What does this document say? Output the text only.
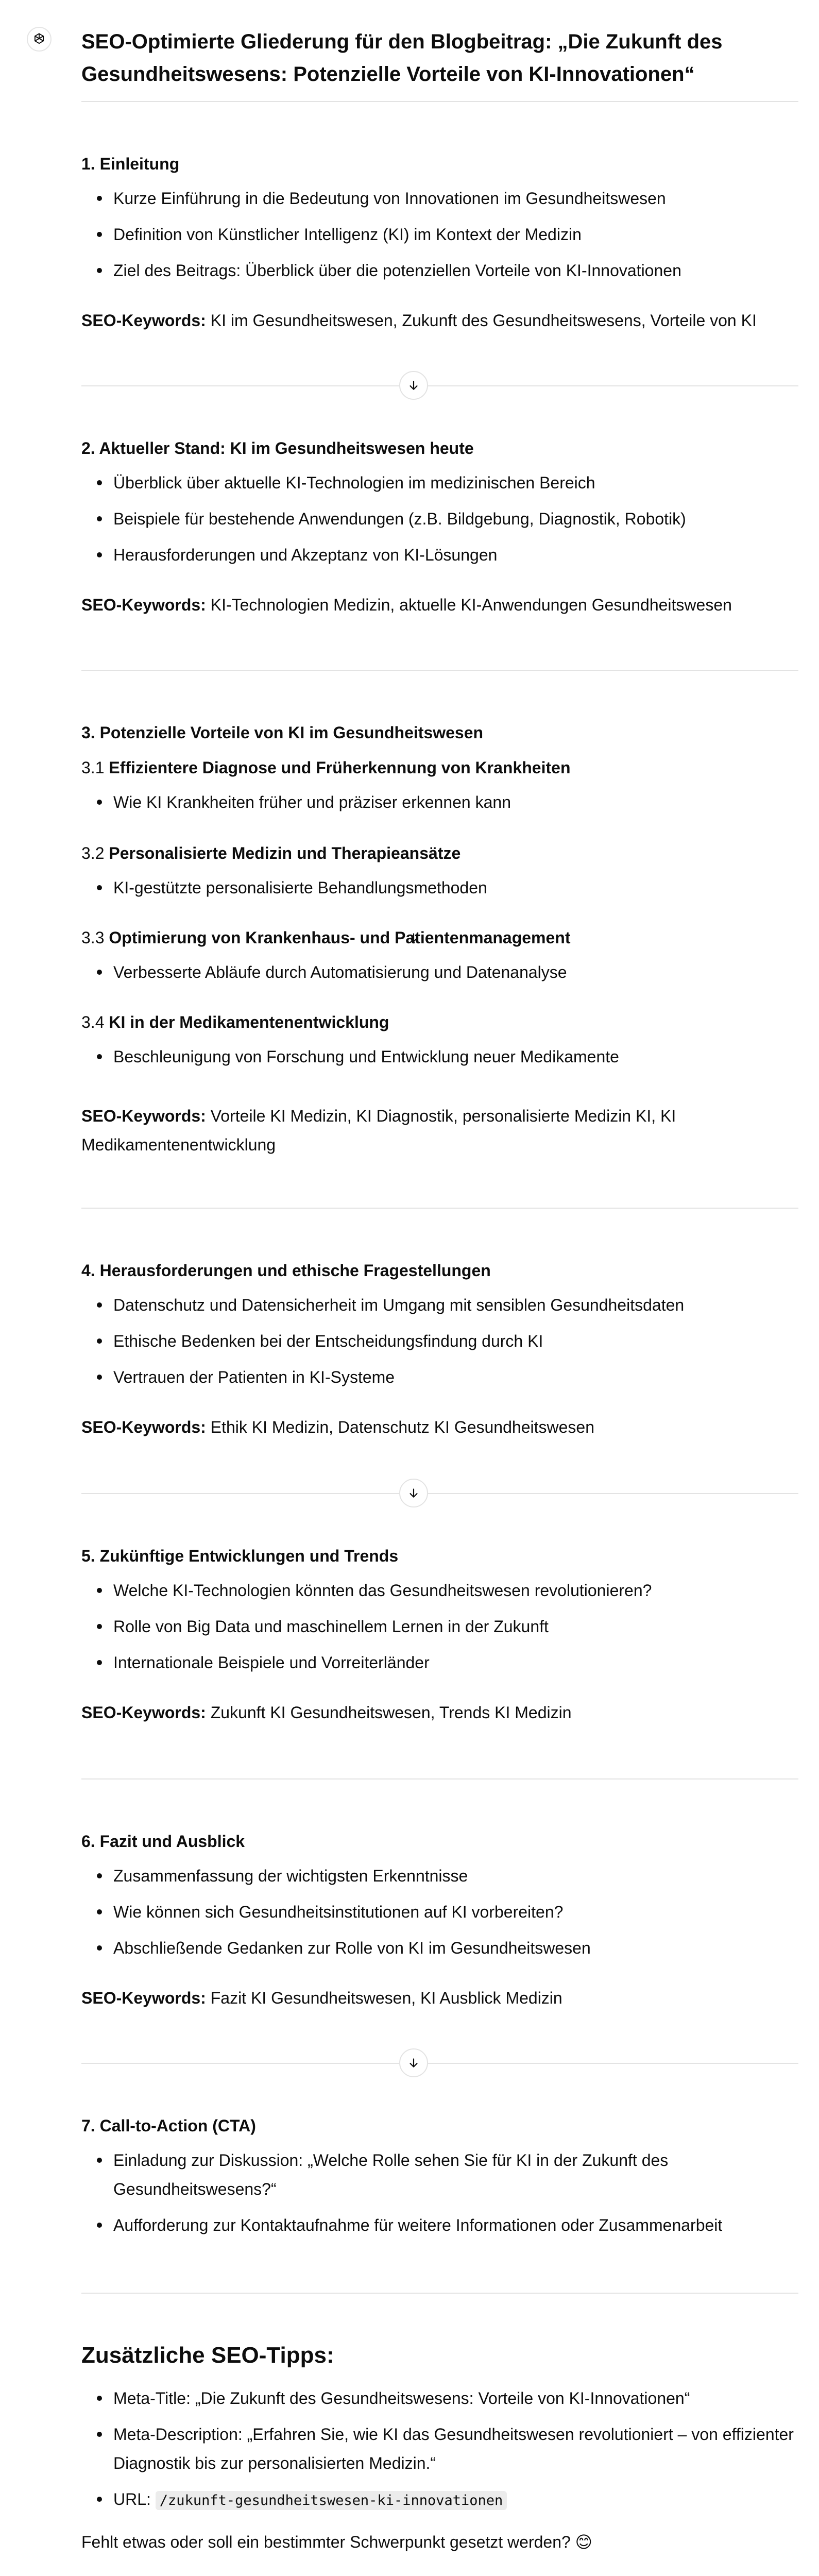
SEO-Optimierte Gliederung für den Blogbeitrag: „Die Zukunft des Gesundheitswesens: Potenzielle Vorteile von KI-Innovationen“
1. Einleitung
Kurze Einführung in die Bedeutung von Innovationen im Gesundheitswesen
Definition von Künstlicher Intelligenz (KI) im Kontext der Medizin
Ziel des Beitrags: Überblick über die potenziellen Vorteile von KI-Innovationen

SEO-Keywords: KI im Gesundheitswesen, Zukunft des Gesundheitswesens, Vorteile von KI

2. Aktueller Stand: KI im Gesundheitswesen heute
Überblick über aktuelle KI-Technologien im medizinischen Bereich
Beispiele für bestehende Anwendungen (z.B. Bildgebung, Diagnostik, Robotik)
Herausforderungen und Akzeptanz von KI-Lösungen

SEO-Keywords: KI-Technologien Medizin, aktuelle KI-Anwendungen Gesundheitswesen

3. Potenzielle Vorteile von KI im Gesundheitswesen
3.1 Effizientere Diagnose und Früherkennung von Krankheiten
Wie KI Krankheiten früher und präziser erkennen kann
3.2 Personalisierte Medizin und Therapieansätze
KI-gestützte personalisierte Behandlungsmethoden
3.3 Optimierung von Krankenhaus- und Patientenmanagement
Verbesserte Abläufe durch Automatisierung und Datenanalyse
3.4 KI in der Medikamentenentwicklung
Beschleunigung von Forschung und Entwicklung neuer Medikamente

SEO-Keywords: Vorteile KI Medizin, KI Diagnostik, personalisierte Medizin KI, KI Medikamentenentwicklung

4. Herausforderungen und ethische Fragestellungen
Datenschutz und Datensicherheit im Umgang mit sensiblen Gesundheitsdaten
Ethische Bedenken bei der Entscheidungsfindung durch KI
Vertrauen der Patienten in KI-Systeme

SEO-Keywords: Ethik KI Medizin, Datenschutz KI Gesundheitswesen

5. Zukünftige Entwicklungen und Trends
Welche KI-Technologien könnten das Gesundheitswesen revolutionieren?
Rolle von Big Data und maschinellem Lernen in der Zukunft
Internationale Beispiele und Vorreiterländer

SEO-Keywords: Zukunft KI Gesundheitswesen, Trends KI Medizin

6. Fazit und Ausblick
Zusammenfassung der wichtigsten Erkenntnisse
Wie können sich Gesundheitsinstitutionen auf KI vorbereiten?
Abschließende Gedanken zur Rolle von KI im Gesundheitswesen

SEO-Keywords: Fazit KI Gesundheitswesen, KI Ausblick Medizin

7. Call-to-Action (CTA)
Einladung zur Diskussion: „Welche Rolle sehen Sie für KI in der Zukunft des Gesundheitswesens?“
Aufforderung zur Kontaktaufnahme für weitere Informationen oder Zusammenarbeit
Zusätzliche SEO-Tipps:
Meta-Title: „Die Zukunft des Gesundheitswesens: Vorteile von KI-Innovationen“
Meta-Description: „Erfahren Sie, wie KI das Gesundheitswesen revolutioniert – von effizienter Diagnostik bis zur personalisierten Medizin.“
URL: /zukunft-gesundheitswesen-ki-innovationen

Fehlt etwas oder soll ein bestimmter Schwerpunkt gesetzt werden? 😊
